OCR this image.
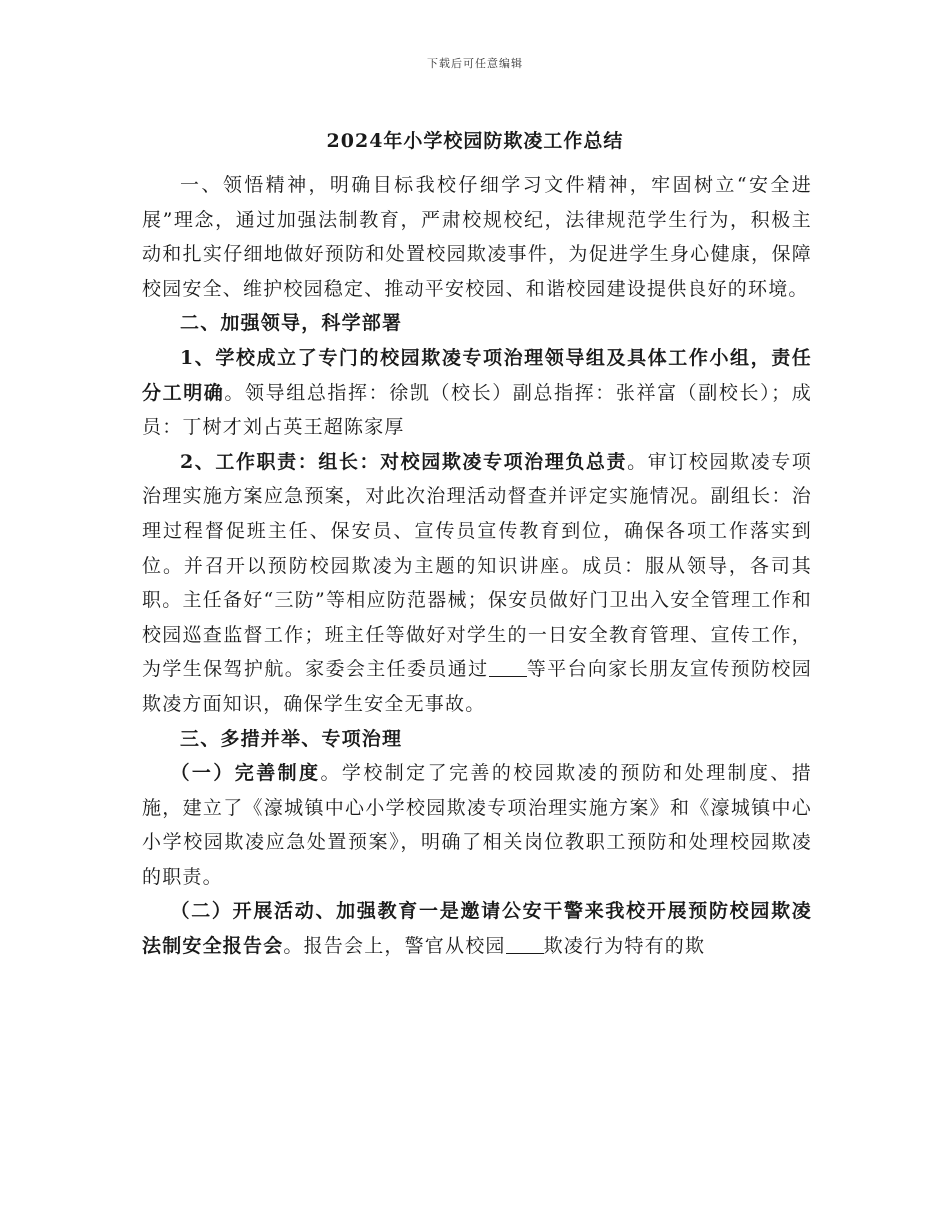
下载后可任意编辑
2024年小学校园防欺凌工作总结

一、领悟精神，明确目标我校仔细学习文件精神，牢固树立“安全进展”理念，通过加强法制教育，严肃校规校纪，法律规范学生行为，积极主动和扎实仔细地做好预防和处置校园欺凌事件，为促进学生身心健康，保障校园安全、维护校园稳定、推动平安校园、和谐校园建设提供良好的环境。

二、加强领导，科学部署

1、学校成立了专门的校园欺凌专项治理领导组及具体工作小组，责任分工明确。领导组总指挥：徐凯（校长）副总指挥：张祥富（副校长）；成员：丁树才刘占英王超陈家厚

2、工作职责：组长：对校园欺凌专项治理负总责。审订校园欺凌专项治理实施方案应急预案，对此次治理活动督查并评定实施情况。副组长：治理过程督促班主任、保安员、宣传员宣传教育到位，确保各项工作落实到位。并召开以预防校园欺凌为主题的知识讲座。成员：服从领导，各司其职。主任备好“三防”等相应防范器械；保安员做好门卫出入安全管理工作和校园巡查监督工作；班主任等做好对学生的一日安全教育管理、宣传工作，为学生保驾护航。家委会主任委员通过 等平台向家长朋友宣传预防校园欺凌方面知识，确保学生安全无事故。

三、多措并举、专项治理

（一）完善制度。学校制定了完善的校园欺凌的预防和处理制度、措施，建立了《濠城镇中心小学校园欺凌专项治理实施方案》和《濠城镇中心小学校园欺凌应急处置预案》，明确了相关岗位教职工预防和处理校园欺凌的职责。

（二）开展活动、加强教育一是邀请公安干警来我校开展预防校园欺凌法制安全报告会。报告会上，警官从校园 欺凌行为特有的欺
